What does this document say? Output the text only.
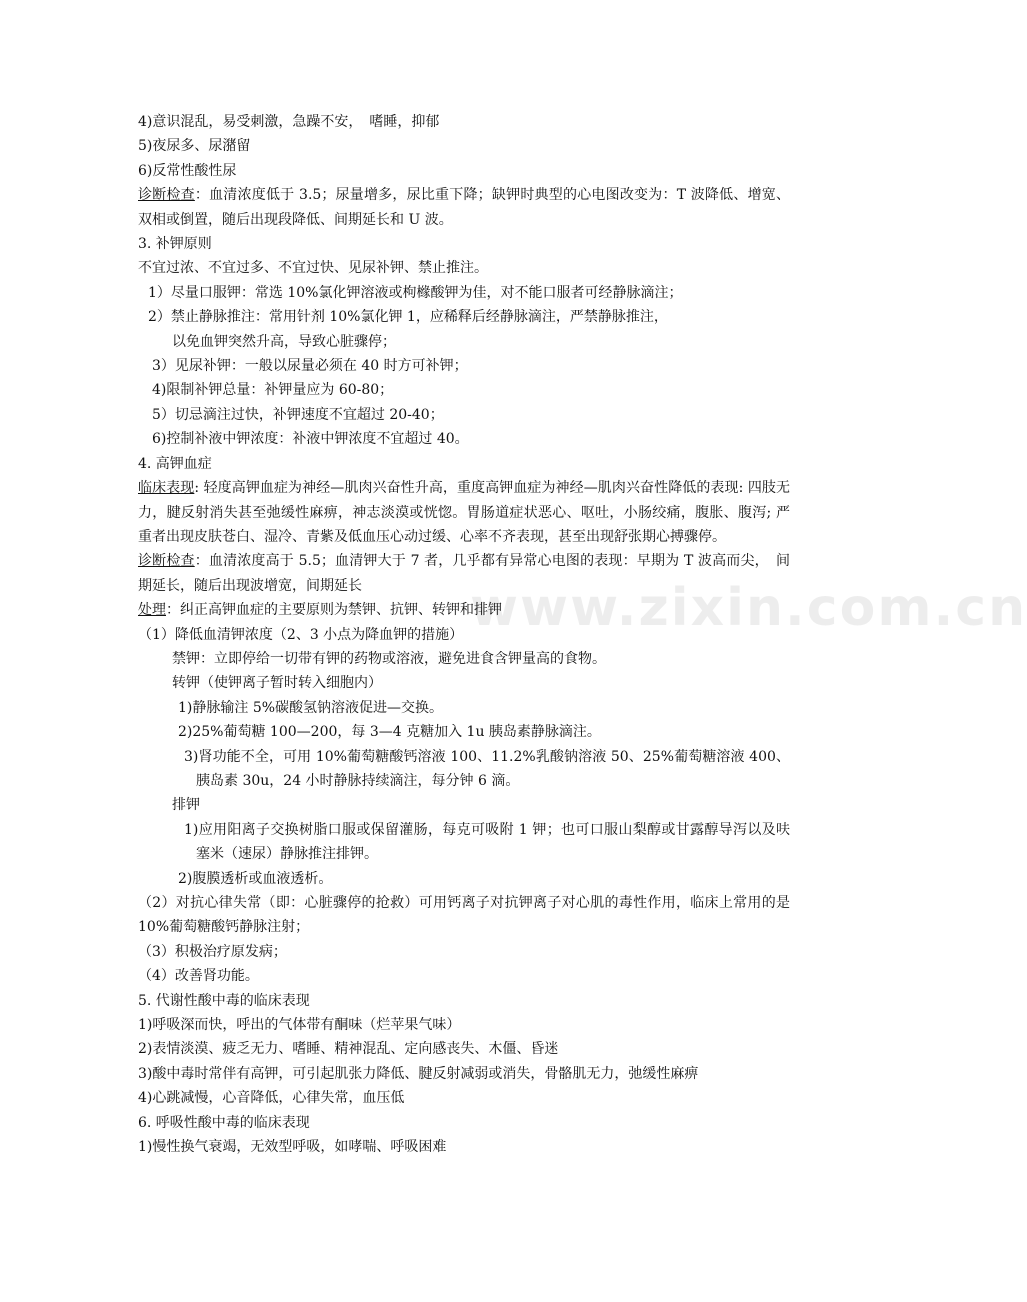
www.zixin.com.cn
4)意识混乱，易受刺激，急躁不安，　嗜睡，抑郁
5)夜尿多、尿潴留
6)反常性酸性尿
诊断检查：血清浓度低于 3.5；尿量增多，尿比重下降；缺钾时典型的心电图改变为：T 波降低、增宽、双相或倒置，随后出现段降低、间期延长和 U 波。
3. 补钾原则
不宜过浓、不宜过多、不宜过快、见尿补钾、禁止推注。
1）尽量口服钾：常选 10%氯化钾溶液或枸橼酸钾为佳，对不能口服者可经静脉滴注；
2）禁止静脉推注：常用针剂 10%氯化钾 1，应稀释后经静脉滴注，严禁静脉推注，
以免血钾突然升高，导致心脏骤停；
3）见尿补钾：一般以尿量必须在 40 时方可补钾；
4)限制补钾总量：补钾量应为 60-80；
5）切忌滴注过快，补钾速度不宜超过 20-40；
6)控制补液中钾浓度：补液中钾浓度不宜超过 40。
4. 高钾血症
临床表现: 轻度高钾血症为神经—肌肉兴奋性升高，重度高钾血症为神经—肌肉兴奋性降低的表现: 四肢无力，腱反射消失甚至弛缓性麻痹，神志淡漠或恍惚。胃肠道症状恶心、呕吐，小肠绞痛，腹胀、腹泻; 严重者出现皮肤苍白、湿冷、青紫及低血压心动过缓、心率不齐表现，甚至出现舒张期心搏骤停。
诊断检查：血清浓度高于 5.5；血清钾大于 7 者，几乎都有异常心电图的表现：早期为 T 波高而尖，　间期延长，随后出现波增宽，间期延长
处理：纠正高钾血症的主要原则为禁钾、抗钾、转钾和排钾
（1）降低血清钾浓度（2、3 小点为降血钾的措施）
禁钾：立即停给一切带有钾的药物或溶液，避免进食含钾量高的食物。
转钾（使钾离子暂时转入细胞内）
1)静脉输注 5%碳酸氢钠溶液促进—交换。
2)25%葡萄糖 100—200，每 3—4 克糖加入 1u 胰岛素静脉滴注。
3)肾功能不全，可用 10%葡萄糖酸钙溶液 100、11.2%乳酸钠溶液 50、25%葡萄糖溶液 400、胰岛素 30u，24 小时静脉持续滴注，每分钟 6 滴。
排钾
1)应用阳离子交换树脂口服或保留灌肠，每克可吸附 1 钾；也可口服山梨醇或甘露醇导泻以及呋塞米（速尿）静脉推注排钾。
2)腹膜透析或血液透析。
（2）对抗心律失常（即：心脏骤停的抢救）可用钙离子对抗钾离子对心肌的毒性作用，临床上常用的是 10%葡萄糖酸钙静脉注射；
（3）积极治疗原发病；
（4）改善肾功能。
5. 代谢性酸中毒的临床表现
1)呼吸深而快，呼出的气体带有酮味（烂苹果气味）
2)表情淡漠、疲乏无力、嗜睡、精神混乱、定向感丧失、木僵、昏迷
3)酸中毒时常伴有高钾，可引起肌张力降低、腱反射减弱或消失，骨骼肌无力，弛缓性麻痹
4)心跳减慢，心音降低，心律失常，血压低
6. 呼吸性酸中毒的临床表现
1)慢性换气衰竭，无效型呼吸，如哮喘、呼吸困难
